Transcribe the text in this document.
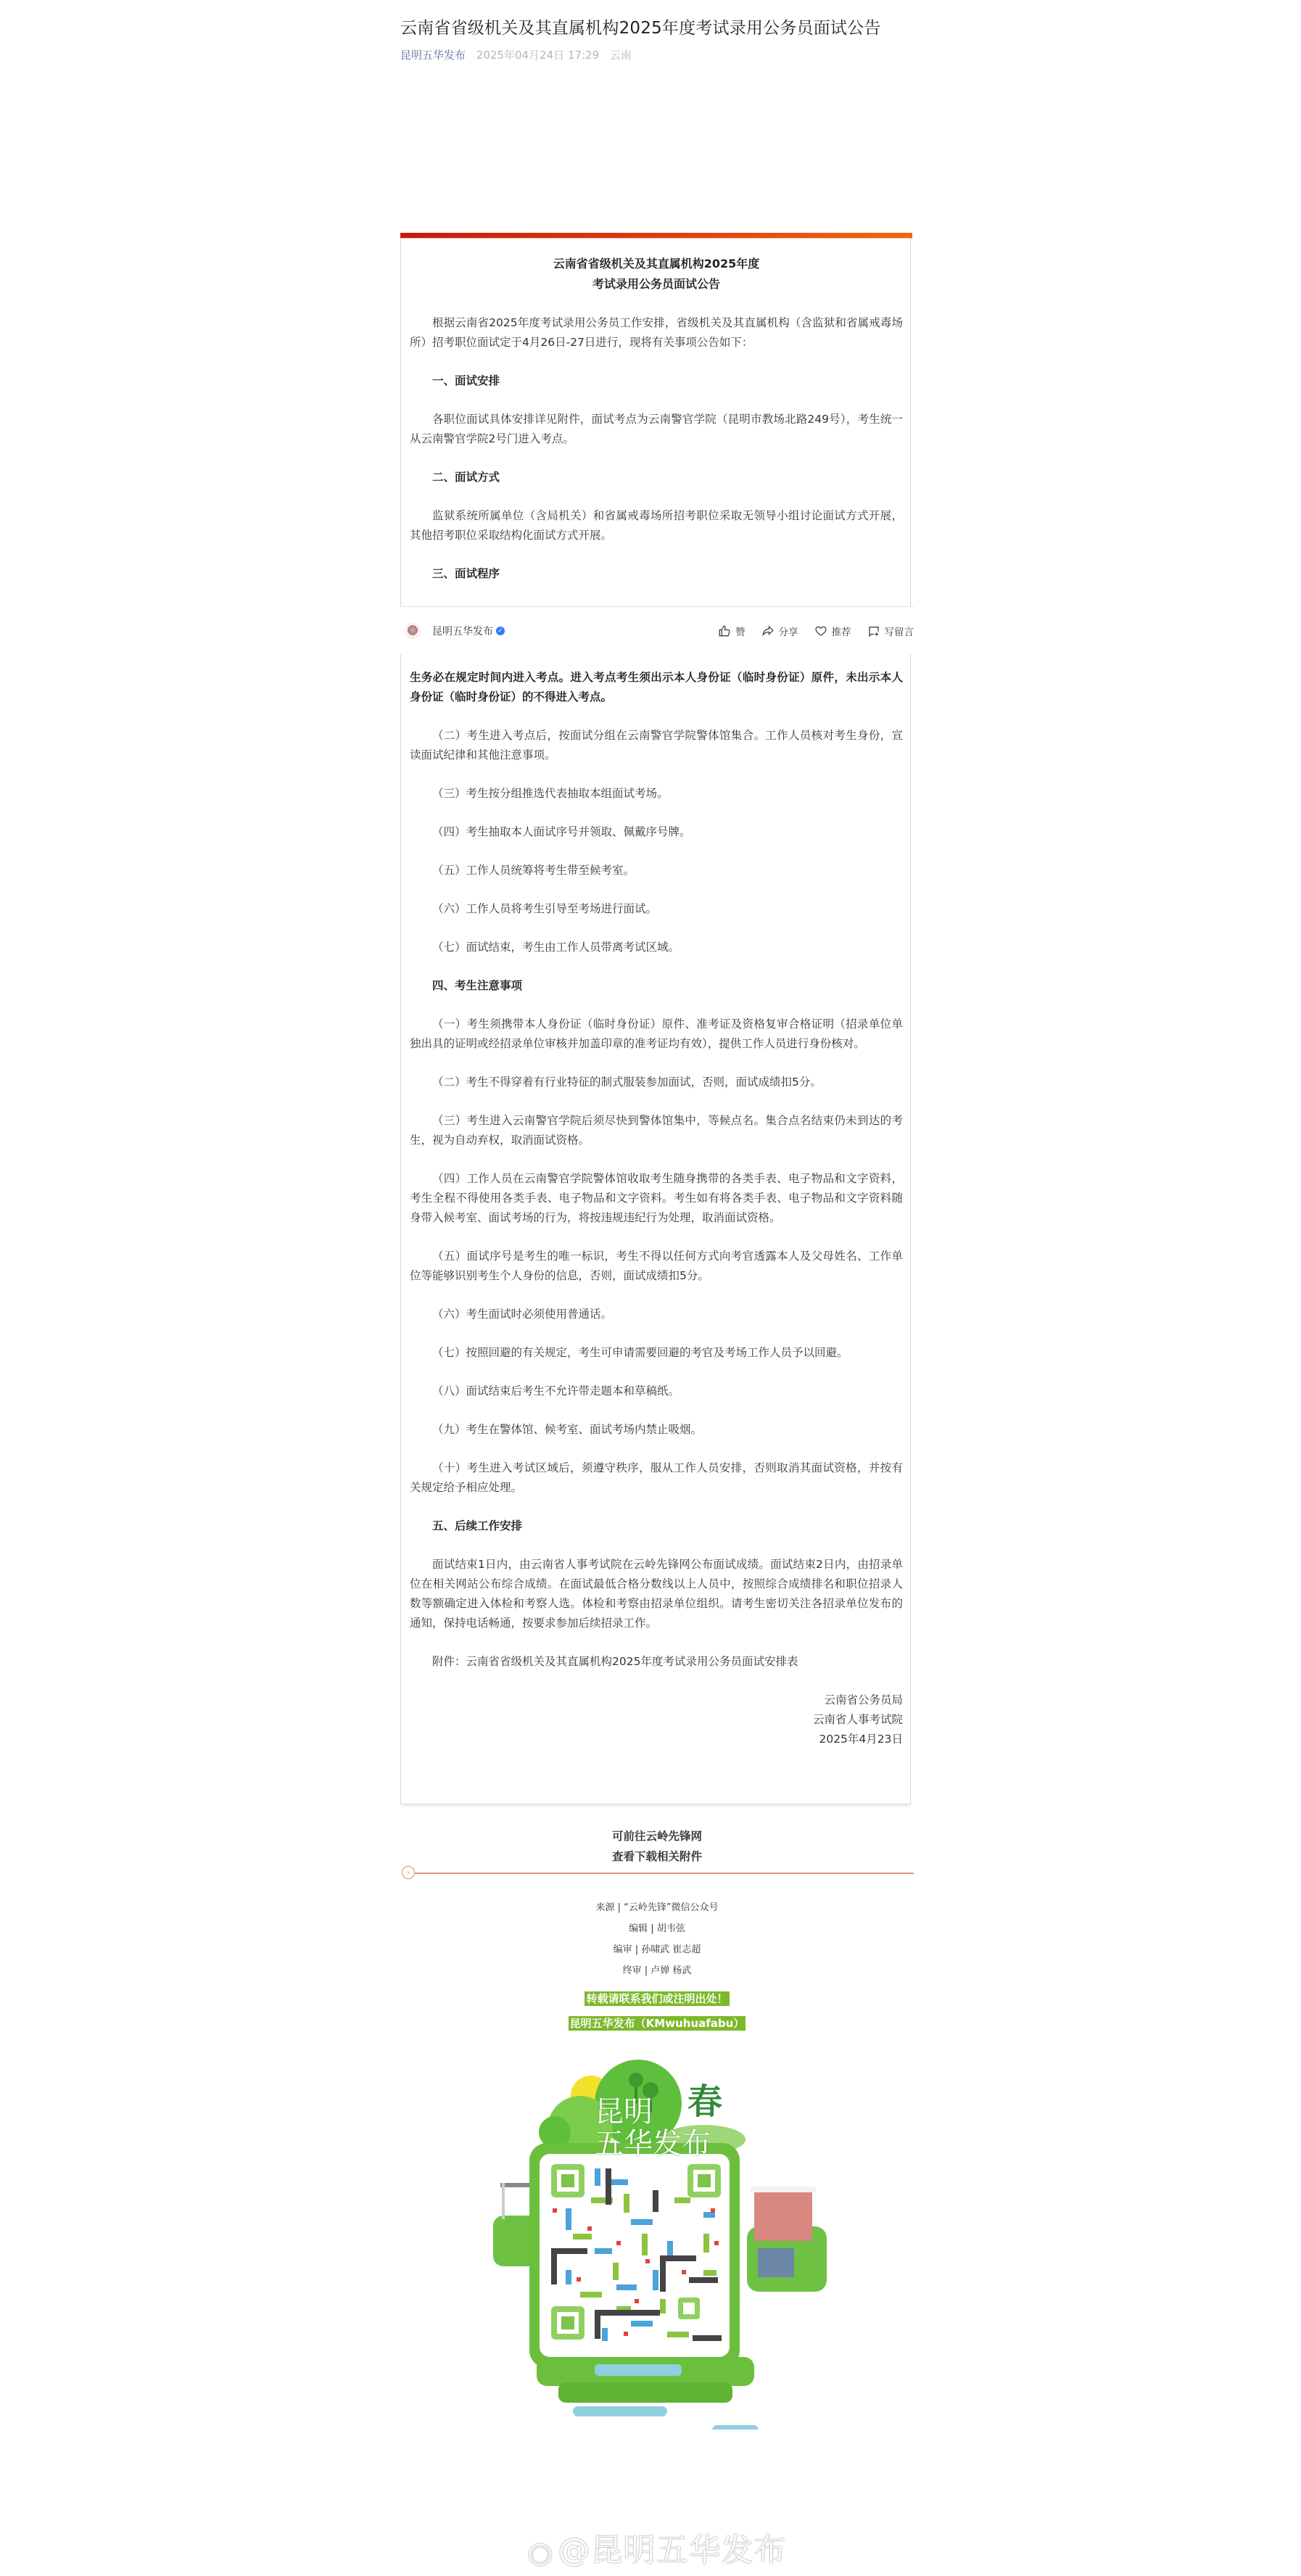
云南省省级机关及其直属机构2025年度考试录用公务员面试公告
昆明五华发布 2025年04月24日 17:29 云南
云南省省级机关及其直属机构2025年度
考试录用公务员面试公告

根据云南省2025年度考试录用公务员工作安排，省级机关及其直属机构（含监狱和省属戒毒场所）招考职位面试定于4月26日-27日进行，现将有关事项公告如下：

一、面试安排

各职位面试具体安排详见附件，面试考点为云南警官学院（昆明市教场北路249号），考生统一从云南警官学院2号门进入考点。

二、面试方式

监狱系统所属单位（含局机关）和省属戒毒场所招考职位采取无领导小组讨论面试方式开展，其他招考职位采取结构化面试方式开展。

三、面试程序

生务必在规定时间内进入考点。进入考点考生须出示本人身份证（临时身份证）原件，未出示本人身份证（临时身份证）的不得进入考点。

（二）考生进入考点后，按面试分组在云南警官学院警体馆集合。工作人员核对考生身份，宣读面试纪律和其他注意事项。

（三）考生按分组推选代表抽取本组面试考场。

（四）考生抽取本人面试序号并领取、佩戴序号牌。

（五）工作人员统筹将考生带至候考室。

（六）工作人员将考生引导至考场进行面试。

（七）面试结束，考生由工作人员带离考试区域。

四、考生注意事项

（一）考生须携带本人身份证（临时身份证）原件、准考证及资格复审合格证明（招录单位单独出具的证明或经招录单位审核并加盖印章的准考证均有效），提供工作人员进行身份核对。

（二）考生不得穿着有行业特征的制式服装参加面试，否则，面试成绩扣5分。

（三）考生进入云南警官学院后须尽快到警体馆集中，等候点名。集合点名结束仍未到达的考生，视为自动弃权，取消面试资格。

（四）工作人员在云南警官学院警体馆收取考生随身携带的各类手表、电子物品和文字资料，考生全程不得使用各类手表、电子物品和文字资料。考生如有将各类手表、电子物品和文字资料随身带入候考室、面试考场的行为，将按违规违纪行为处理，取消面试资格。

（五）面试序号是考生的唯一标识，考生不得以任何方式向考官透露本人及父母姓名、工作单位等能够识别考生个人身份的信息，否则，面试成绩扣5分。

（六）考生面试时必须使用普通话。

（七）按照回避的有关规定，考生可申请需要回避的考官及考场工作人员予以回避。

（八）面试结束后考生不允许带走题本和草稿纸。

（九）考生在警体馆、候考室、面试考场内禁止吸烟。

（十）考生进入考试区域后，须遵守秩序，服从工作人员安排，否则取消其面试资格，并按有关规定给予相应处理。

五、后续工作安排

面试结束1日内，由云南省人事考试院在云岭先锋网公布面试成绩。面试结束2日内，由招录单位在相关网站公布综合成绩。在面试最低合格分数线以上人员中，按照综合成绩排名和职位招录人数等额确定进入体检和考察人选。体检和考察由招录单位组织。请考生密切关注各招录单位发布的通知，保持电话畅通，按要求参加后续招录工作。

附件：云南省省级机关及其直属机构2025年度考试录用公务员面试安排表

云南省公务员局

云南省人事考试院

2025年4月23日

昆明五华发布 ✓	赞	分享	推荐	写留言
可前往云岭先锋网
查看下载相关附件
›
来源 | “云岭先锋”微信公众号
编辑 | 胡韦弦
编审 | 孙啸武 崔志超
终审 | 卢婵 杨武
转载请联系我们或注明出处！
昆明五华发布（KMwuhuafabu）
昆明
五华发布
春
◉ @昆明五华发布
